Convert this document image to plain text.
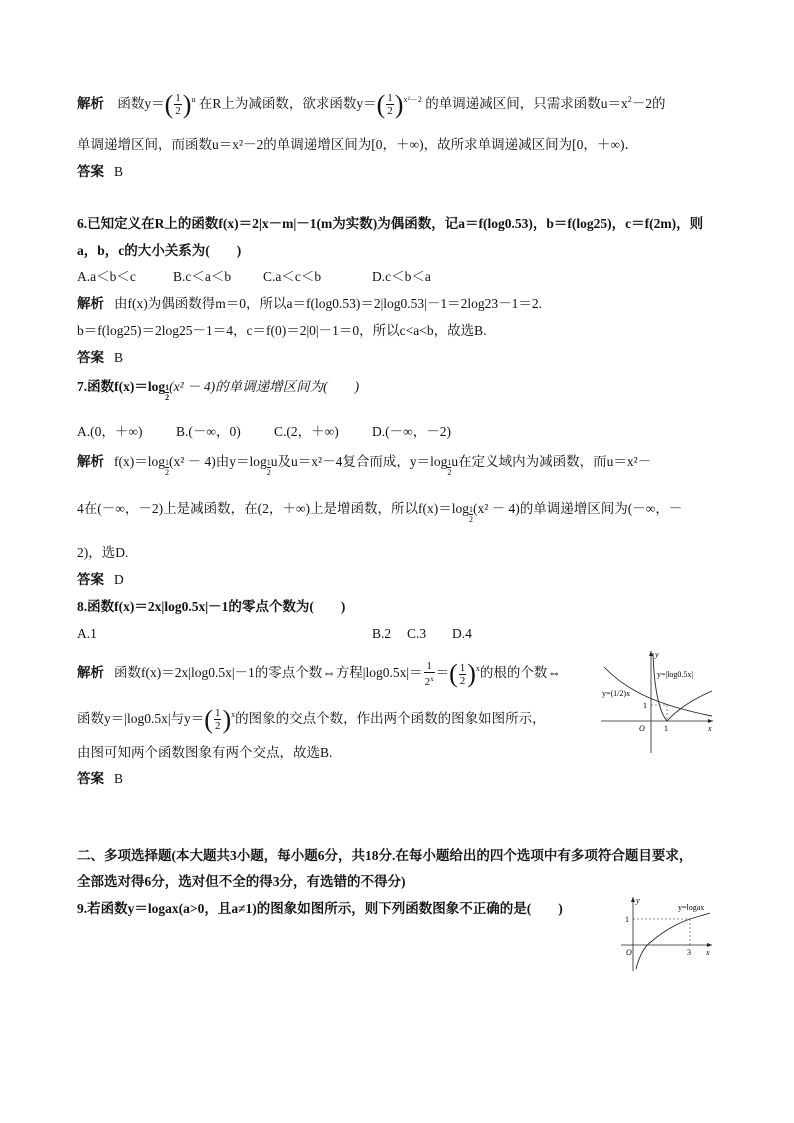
解析 函数$y=( \frac{1}{2} )^u$ 在R上为减函数，欲求函数$y=( \frac{1}{2} )^{x^2-2}$ 的单调递减区间，只需求函数$u=x^2-2$的
单调递增区间，而函数u＝x²－2的单调递增区间为[0，＋∞)，故所求单调递减区间为[0，＋∞)．
答案 B
6.已知定义在R上的函数f(x)＝2|x－m|－1(m为实数)为偶函数，记a＝f(log0.53)，b＝f(log25)，c＝f(2m)，则
a，b，c的大小关系为(　　)
A.a＜b＜c	B.c＜a＜b C.a＜c＜b	D.c＜b＜a
解析 由f(x)为偶函数得m＝0，所以a＝f(log0.53)＝2|log0.53|－1＝2log23－1＝2.
b＝f(log25)＝2log25－1＝4，c＝f(0)＝2|0|－1＝0，所以c<a<b，故选B.
答案 B
7.函数$f(x)=\log \frac{1}{2}(x^2 - 4)$的单调递增区间为(　　)
A.(0，＋∞) B.(－∞，0) C.(2，＋∞) D.(－∞，－2)
解析 $f(x)=\log \frac{1}{2}(x^2 - 4)$由$y=\log \frac{1}{2}u$及u＝x²－4复合而成，$y=\log \frac{1}{2}u$在定义域内为减函数，而u＝x²－
4在(－∞，－2)上是减函数，在(2，＋∞)上是增函数，所以$f(x)=\log \frac{1}{2}(x^2 - 4)$的单调递增区间为(－∞，－
2)，选D.
答案 D
8.函数f(x)＝2x|log0.5x|－1的零点个数为(　　)
A.1	B.2 C.3 D.4
解析 函数f(x)＝2x|log0.5x|－1的零点个数⇔方程$|\log 0.5x|= \frac{1}{2^x}$ ＝( $\frac{1}{2} )^x$的根的个数⇔
函数y＝|log0.5x|与$y=( \frac{1}{2} )^x$的图象的交点个数，作出两个函数的图象如图所示，
由图可知两个函数图象有两个交点，故选B.
答案 B
y
x
O 1
1
y=|log0.5x|
y=(1/2)x
二、多项选择题(本大题共3小题，每小题6分，共18分.在每小题给出的四个选项中有多项符合题目要求，
全部选对得6分，选对但不全的得3分，有选错的不得分)
9.若函数y＝logax(a>0，且a≠1)的图象如图所示，则下列函数图象不正确的是(　　)
y
x
O
1
3
y=logax
